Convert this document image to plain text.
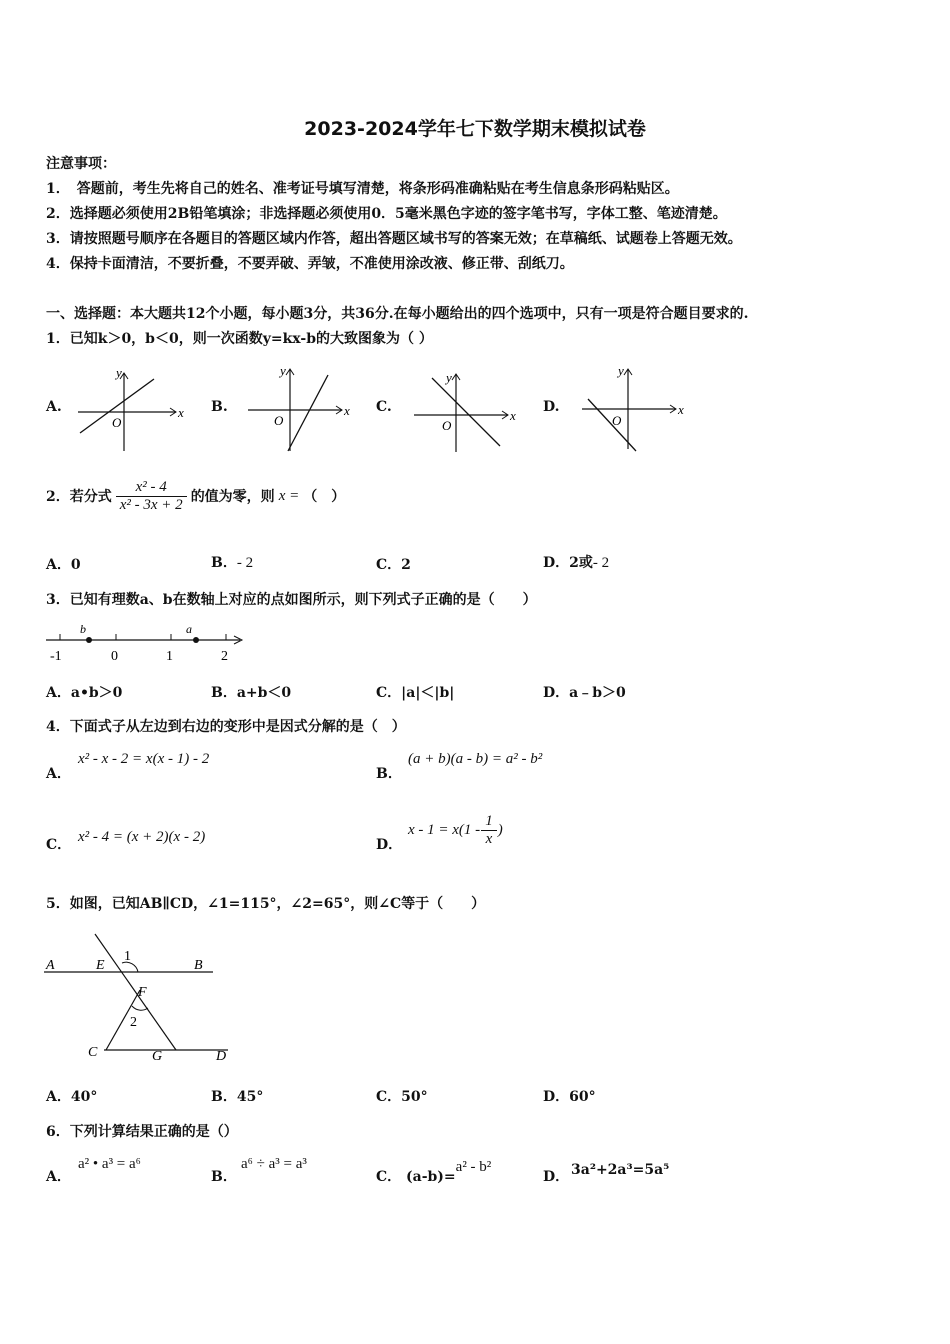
2023-2024学年七下数学期末模拟试卷
注意事项：
1．　答题前，考生先将自己的姓名、准考证号填写清楚，将条形码准确粘贴在考生信息条形码粘贴区。
2．选择题必须使用2B铅笔填涂；非选择题必须使用0．5毫米黑色字迹的签字笔书写，字体工整、笔迹清楚。
3．请按照题号顺序在各题目的答题区域内作答，超出答题区域书写的答案无效；在草稿纸、试题卷上答题无效。
4．保持卡面清洁，不要折叠，不要弄破、弄皱，不准使用涂改液、修正带、刮纸刀。
一、选择题：本大题共12个小题，每小题3分，共36分.在每小题给出的四个选项中，只有一项是符合题目要求的.
1．已知k＞0，b＜0，则一次函数y=kx-b的大致图象为（ ）
A.	x
y
O
B.	x
y
O
C.
x
y
O
D.	x
y
O
2．若分式 $\frac{\text{x² - 4}}{\text{x² - 3x + 2}}$ 的值为零，则 x = （　）
A．0	B．- 2	C．2	D．2或- 2
3．已知有理数a、b在数轴上对应的点如图所示，则下列式子正确的是（　　）
b	a
-1	0	1	2
A．a•b＞0	B．a+b＜0	C．|a|＜|b|	D．a﹣b＞0
4．下面式子从左边到右边的变形中是因式分解的是（　）
A．
x² - x - 2 = x(x - 1) - 2
B．
(a + b)(a - b) = a² - b²
C． x² - 4 = (x + 2)(x - 2)	D．
$x - 1 = x(1 - \frac{1}{x}$ )
5．如图，已知AB∥CD，∠1=115°，∠2=65°，则∠C等于（　　）
A	E	B
F
C	G	D
1
2
A．40°	B．45°	C．50°	D．60°
6．下列计算结果正确的是（）
A．
a² • a³ = a⁶
B．
a⁶ ÷ a³ = a³
C． (a-b)=a² - b²
D． 3a²+2a³=5a⁵
